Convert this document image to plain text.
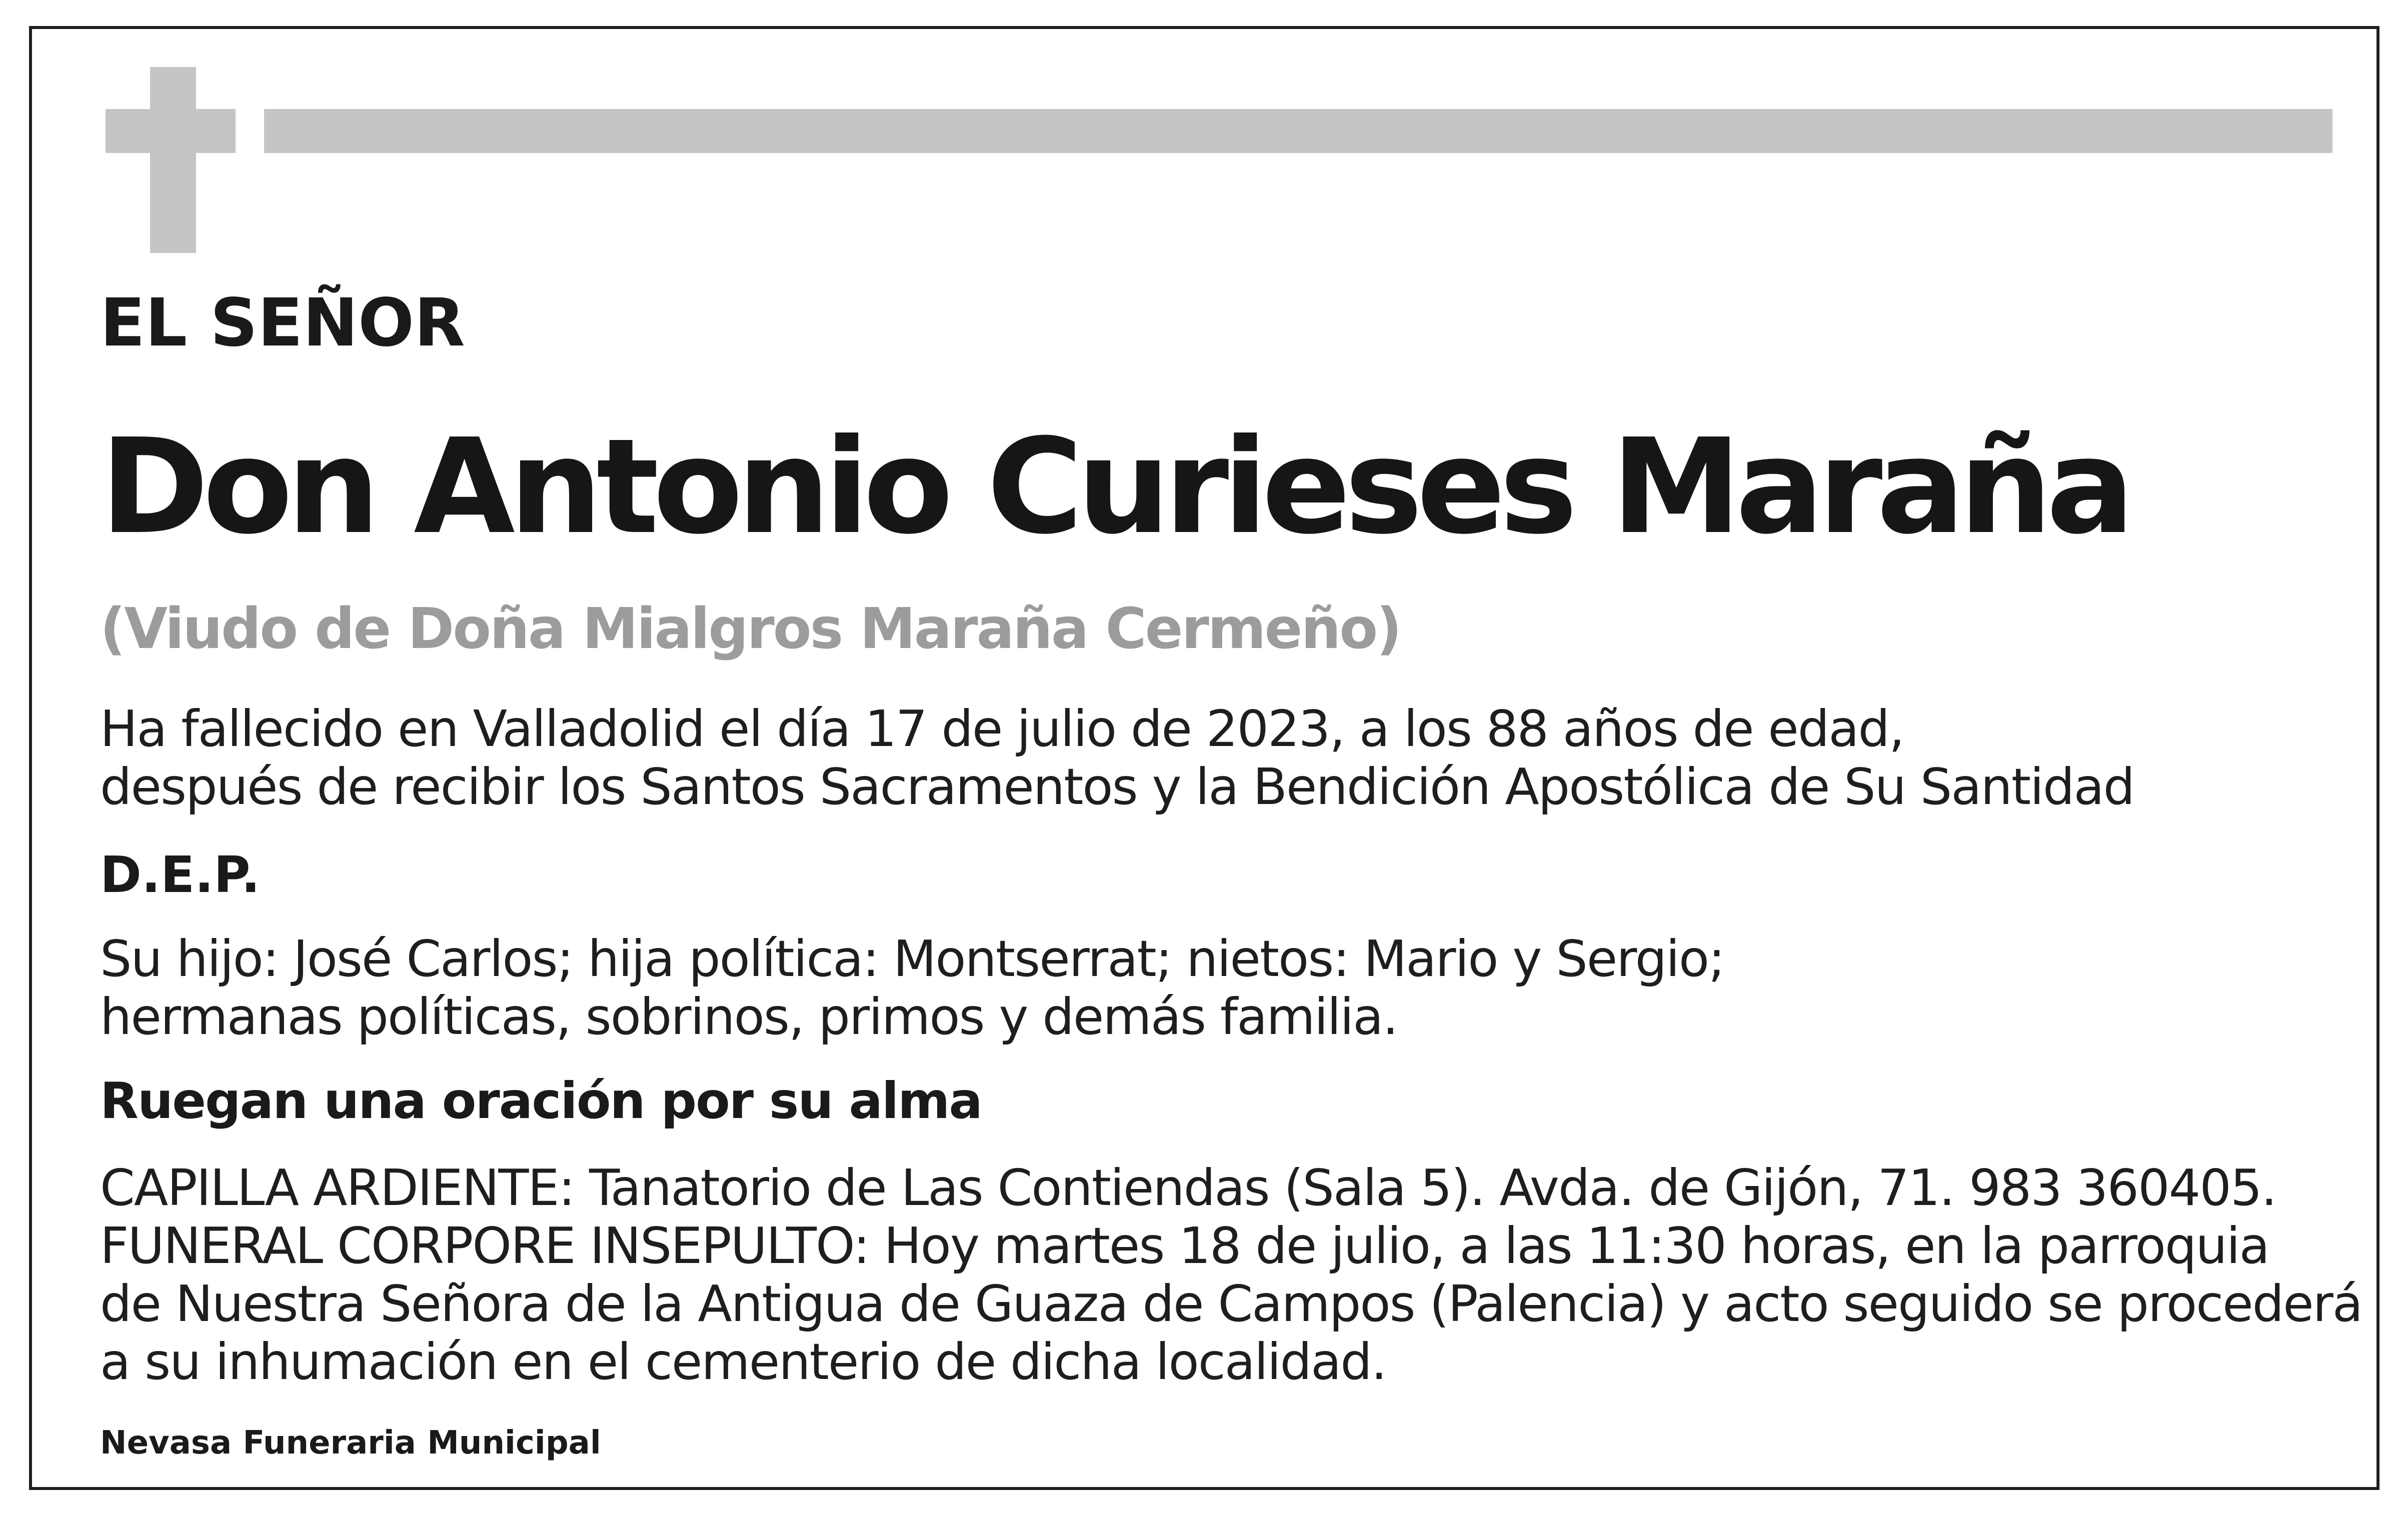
EL SEÑOR
Don Antonio Curieses Maraña
(Viudo de Doña Mialgros Maraña Cermeño)
Ha fallecido en Valladolid el día 17 de julio de 2023, a los 88 años de edad,
después de recibir los Santos Sacramentos y la Bendición Apostólica de Su Santidad
D.E.P.
Su hijo: José Carlos; hija política: Montserrat; nietos: Mario y Sergio;
hermanas políticas, sobrinos, primos y demás familia.
Ruegan una oración por su alma
CAPILLA ARDIENTE: Tanatorio de Las Contiendas (Sala 5). Avda. de Gijón, 71. 983 360405.
FUNERAL CORPORE INSEPULTO: Hoy martes 18 de julio, a las 11:30 horas, en la parroquia
de Nuestra Señora de la Antigua de Guaza de Campos (Palencia) y acto seguido se procederá
a su inhumación en el cementerio de dicha localidad.
Nevasa Funeraria Municipal
